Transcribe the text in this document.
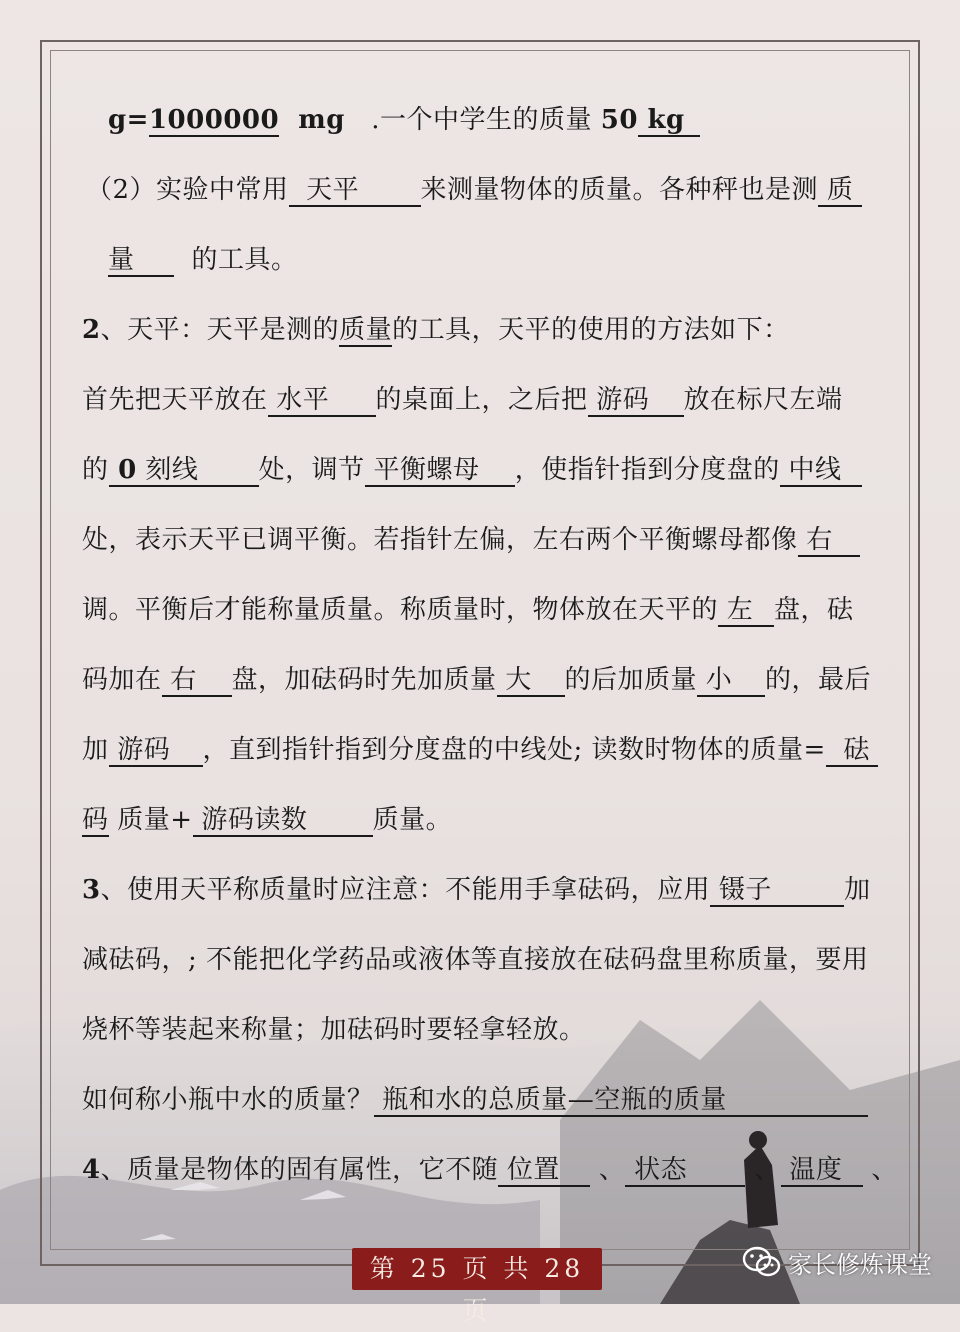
g=1000000  mg   .一个中学生的质量 50 kg
（2）实验中常用  天平 来测量物体的质量。各种秤也是测 质
量  的工具。
2、天平：天平是测的质量的工具，天平的使用的方法如下：
首先把天平放在 水平 的桌面上，之后把 游码 放在标尺左端
的 0 刻线 处，调节 平衡螺母 ，使指针指到分度盘的 中线
处，表示天平已调平衡。若指针左偏，左右两个平衡螺母都像 右
调。平衡后才能称量质量。称质量时，物体放在天平的 左 盘，砝
码加在 右 盘，加砝码时先加质量 大 的后加质量 小 的，最后
加 游码 ，直到指针指到分度盘的中线处; 读数时物体的质量=  砝
码 质量+ 游码读数	质量。
3、使用天平称质量时应注意：不能用手拿砝码，应用 镊子	加
减砝码，; 不能把化学药品或液体等直接放在砝码盘里称质量，要用
烧杯等装起来称量；加砝码时要轻拿轻放。
如何称小瓶中水的质量？ 瓶和水的总质量—空瓶的质量
4、质量是物体的固有属性，它不随 位置 、 状态 、 温度 、
第 25 页 共 28 页
家长修炼课堂
